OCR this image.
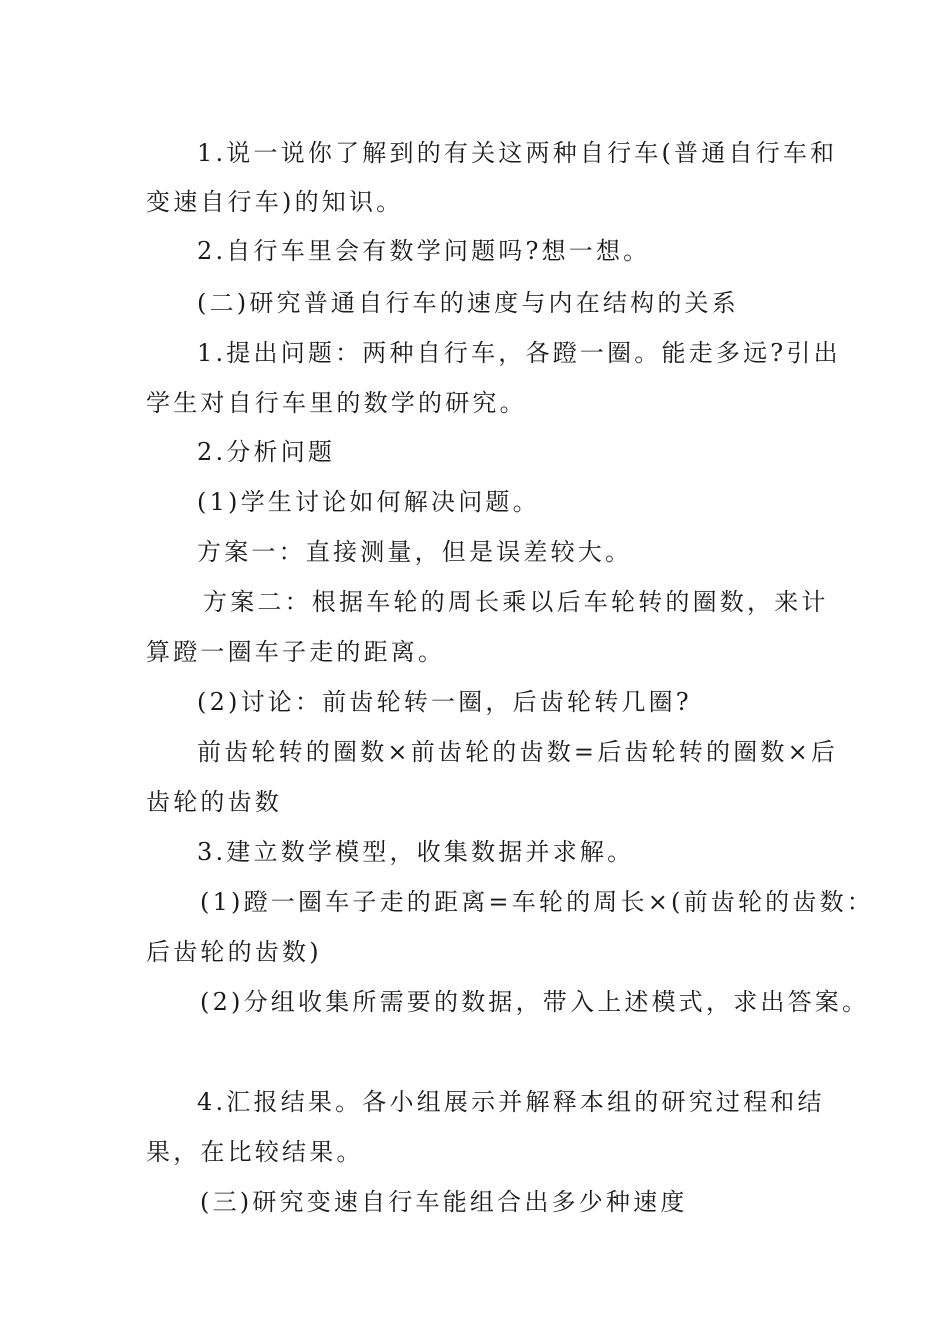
1.说一说你了解到的有关这两种自行车(普通自行车和
变速自行车)的知识。
2.自行车里会有数学问题吗?想一想。
(二)研究普通自行车的速度与内在结构的关系
1.提出问题：两种自行车，各蹬一圈。能走多远?引出
学生对自行车里的数学的研究。
2.分析问题
(1)学生讨论如何解决问题。
方案一：直接测量，但是误差较大。
方案二：根据车轮的周长乘以后车轮转的圈数，来计
算蹬一圈车子走的距离。
(2)讨论：前齿轮转一圈，后齿轮转几圈?
前齿轮转的圈数×前齿轮的齿数=后齿轮转的圈数×后
齿轮的齿数
3.建立数学模型，收集数据并求解。
(1)蹬一圈车子走的距离=车轮的周长×(前齿轮的齿数：
后齿轮的齿数)
(2)分组收集所需要的数据，带入上述模式，求出答案。
4.汇报结果。各小组展示并解释本组的研究过程和结
果，在比较结果。
(三)研究变速自行车能组合出多少种速度
